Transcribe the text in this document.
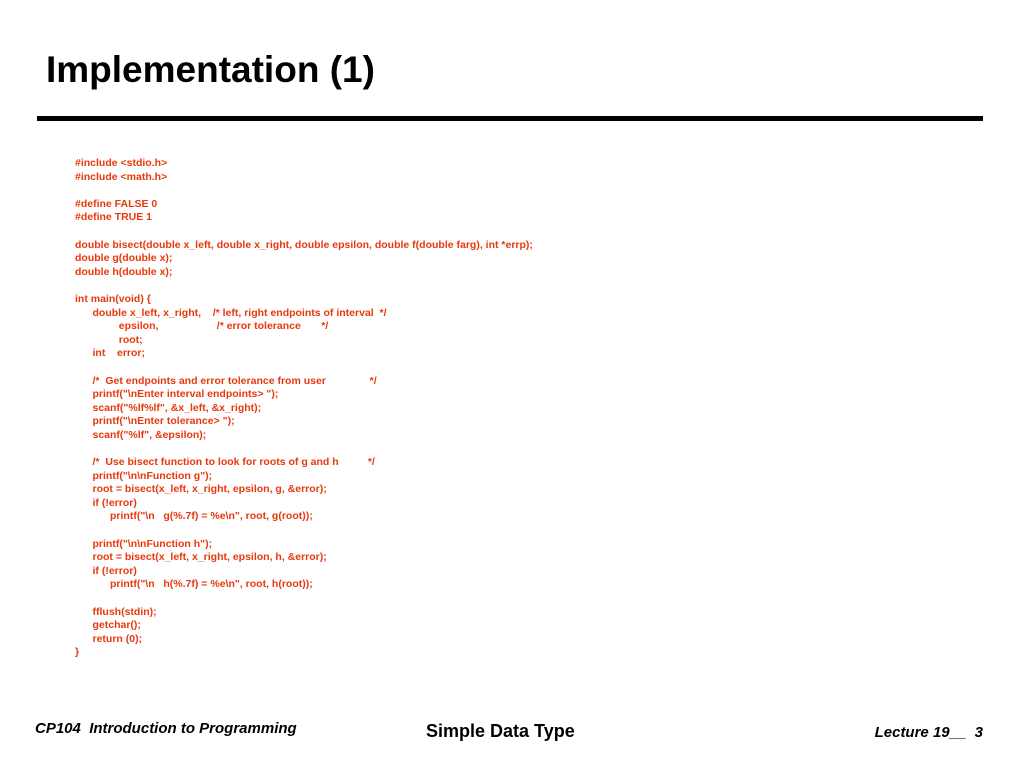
Implementation (1)
#include <stdio.h>
#include <math.h>
#define FALSE 0
#define TRUE 1
double bisect(double x_left, double x_right, double epsilon, double f(double farg), int *errp);
double g(double x);
double h(double x);
int main(void) {
double x_left, x_right,    /* left, right endpoints of interval  */
epsilon,                    /* error tolerance       */
root;
int    error;
/*  Get endpoints and error tolerance from user               */
printf("\nEnter interval endpoints> ");
scanf("%lf%lf", &x_left, &x_right);
printf("\nEnter tolerance> ");
scanf("%lf", &epsilon);
/*  Use bisect function to look for roots of g and h          */
printf("\n\nFunction g");
root = bisect(x_left, x_right, epsilon, g, &error);
if (!error)
printf("\n   g(%.7f) = %e\n", root, g(root));
printf("\n\nFunction h");
root = bisect(x_left, x_right, epsilon, h, &error);
if (!error)
printf("\n   h(%.7f) = %e\n", root, h(root));
fflush(stdin);
getchar();
return (0);
}
CP104  Introduction to Programming	Simple Data Type	Lecture 19__  3
